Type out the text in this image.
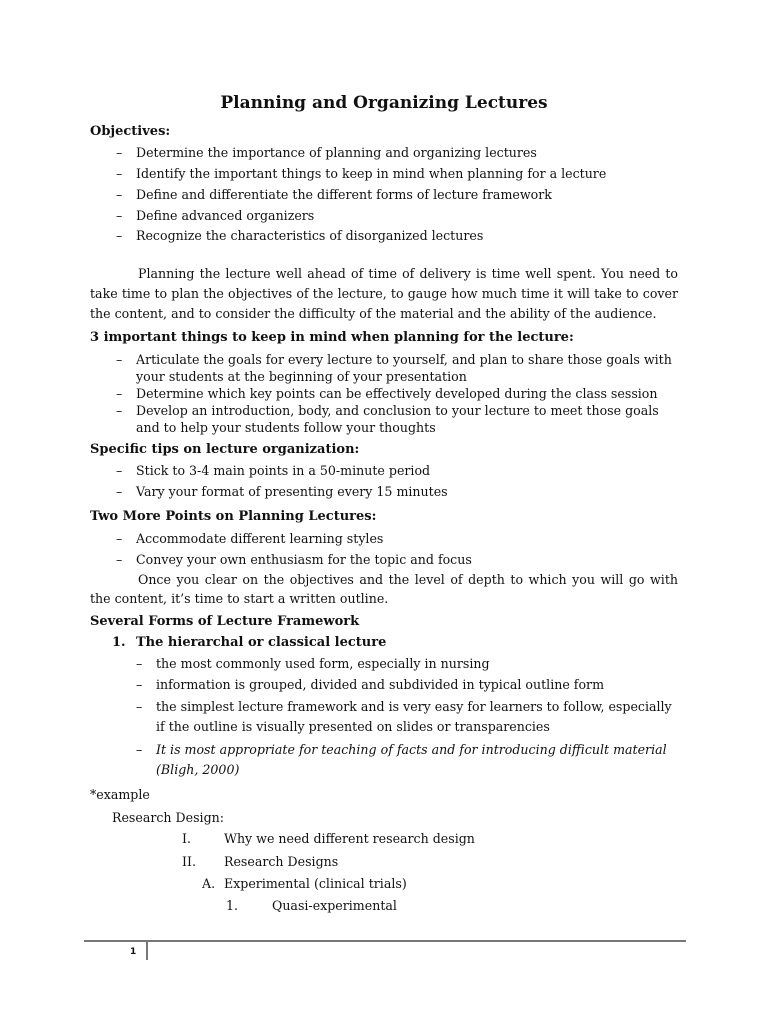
Planning and Organizing Lectures
Objectives:
– Determine the importance of planning and organizing lectures
– Identify the important things to keep in mind when planning for a lecture
– Define and differentiate the different forms of lecture framework
– Define advanced organizers
– Recognize the characteristics of disorganized lectures

Planning the lecture well ahead of time of delivery is time well spent. You need to take time to plan the objectives of the lecture, to gauge how much time it will take to cover the content, and to consider the difficulty of the material and the ability of the audience.

3 important things to keep in mind when planning for the lecture:
– Articulate the goals for every lecture to yourself, and plan to share those goals with your students at the beginning of your presentation
– Determine which key points can be effectively developed during the class session
– Develop an introduction, body, and conclusion to your lecture to meet those goals and to help your students follow your thoughts
Specific tips on lecture organization:
– Stick to 3-4 main points in a 50-minute period
– Vary your format of presenting every 15 minutes
Two More Points on Planning Lectures:
– Accommodate different learning styles
– Convey your own enthusiasm for the topic and focus

Once you clear on the objectives and the level of depth to which you will go with the content, it’s time to start a written outline.

Several Forms of Lecture Framework
1. The hierarchal or classical lecture
– the most commonly used form, especially in nursing
– information is grouped, divided and subdivided in typical outline form
– the simplest lecture framework and is very easy for learners to follow, especially if the outline is visually presented on slides or transparencies
– It is most appropriate for teaching of facts and for introducing difficult material (Bligh, 2000)
*example
Research Design:
I.	Why we need different research design
II.	Research Designs
A. Experimental (clinical trials)
1.	Quasi-experimental
1
